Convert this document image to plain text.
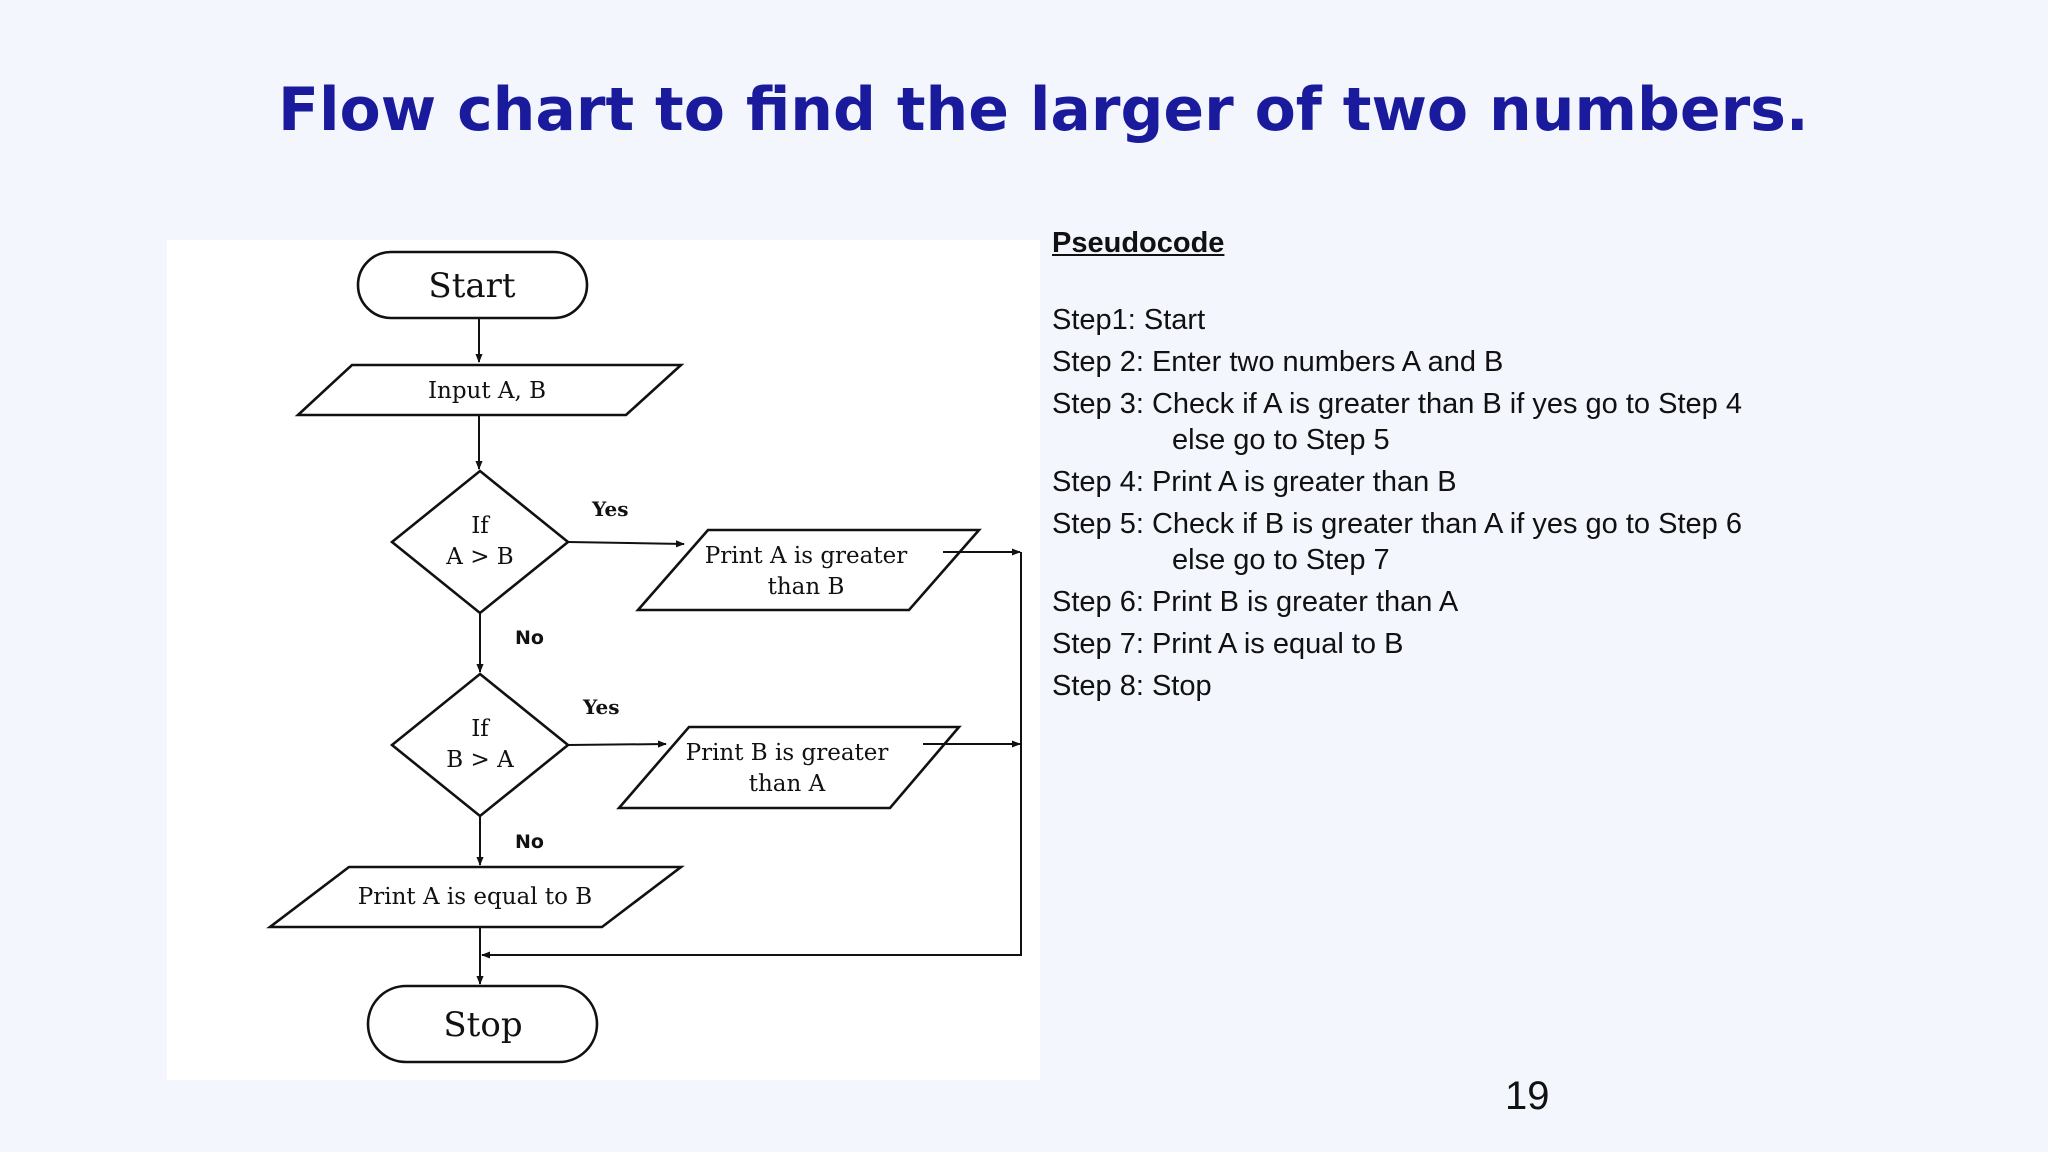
Flow chart to find the larger of two numbers.
Start
Input A, B
If
A > B
Yes
Print A is greater
than B
No
If
B > A
Yes
Print B is greater
than A
No
Print A is equal to B
Stop

Pseudocode

Step1: Start

Step 2: Enter two numbers A and B

Step 3: Check if A is greater than B if yes go to Step 4

else go to Step 5

Step 4: Print A is greater than B

Step 5: Check if B is greater than A if yes go to Step 6

else go to Step 7

Step 6: Print B is greater than A

Step 7: Print A is equal to B

Step 8: Stop

19
